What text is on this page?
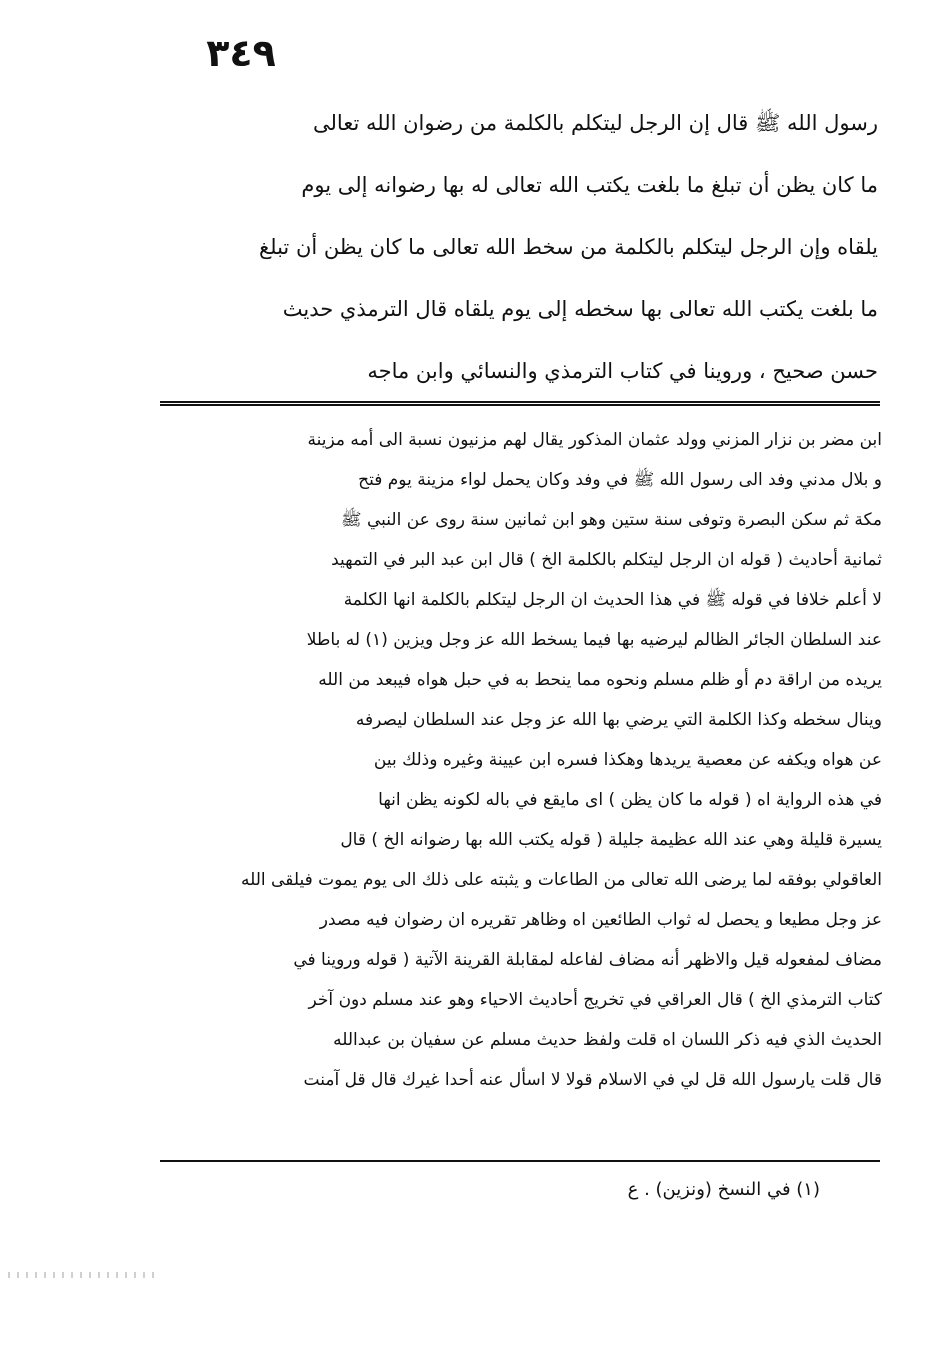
٣٤٩
رسول الله ﷺ قال إن الرجل ليتكلم بالكلمة من رضوان الله تعالى
ما كان يظن أن تبلغ ما بلغت يكتب الله تعالى له بها رضوانه إلى يوم
يلقاه وإن الرجل ليتكلم بالكلمة من سخط الله تعالى ما كان يظن أن تبلغ
ما بلغت يكتب الله تعالى بها سخطه إلى يوم يلقاه قال الترمذي حديث
حسن صحيح ، وروينا في كتاب الترمذي والنسائي وابن ماجه
ابن مضر بن نزار المزني وولد عثمان المذكور يقال لهم مزنيون نسبة الى أمه مزينة
و بلال مدني وفد الى رسول الله ﷺ في وفد وكان يحمل لواء مزينة يوم فتح
مكة ثم سكن البصرة وتوفى سنة ستين وهو ابن ثمانين سنة روى عن النبي ﷺ
ثمانية أحاديث ( قوله ان الرجل ليتكلم بالكلمة الخ ) قال ابن عبد البر في التمهيد
لا أعلم خلافا في قوله ﷺ في هذا الحديث ان الرجل ليتكلم بالكلمة انها الكلمة
عند السلطان الجائر الظالم ليرضيه بها فيما يسخط الله عز وجل ويزين (١) له باطلا
يريده من اراقة دم أو ظلم مسلم ونحوه مما ينحط به في حبل هواه فيبعد من الله
وينال سخطه وكذا الكلمة التي يرضي بها الله عز وجل عند السلطان ليصرفه
عن هواه ويكفه عن معصية يريدها وهكذا فسره ابن عيينة وغيره وذلك بين
في هذه الرواية اه ( قوله ما كان يظن ) اى مايقع في باله لكونه يظن انها
يسيرة قليلة وهي عند الله عظيمة جليلة ( قوله يكتب الله بها رضوانه الخ ) قال
العاقولي بوفقه لما يرضى الله تعالى من الطاعات و يثبته على ذلك الى يوم يموت فيلقى الله
عز وجل مطيعا و يحصل له ثواب الطائعين اه وظاهر تقريره ان رضوان فيه مصدر
مضاف لمفعوله قيل والاظهر أنه مضاف لفاعله لمقابلة القرينة الآتية ( قوله وروينا في
كتاب الترمذي الخ ) قال العراقي في تخريج أحاديث الاحياء وهو عند مسلم دون آخر
الحديث الذي فيه ذكر اللسان اه قلت ولفظ حديث مسلم عن سفيان بن عبدالله
قال قلت يارسول الله قل لي في الاسلام قولا لا اسأل عنه أحدا غيرك قال قل آمنت
(١) في النسخ (ونزين) . ع
